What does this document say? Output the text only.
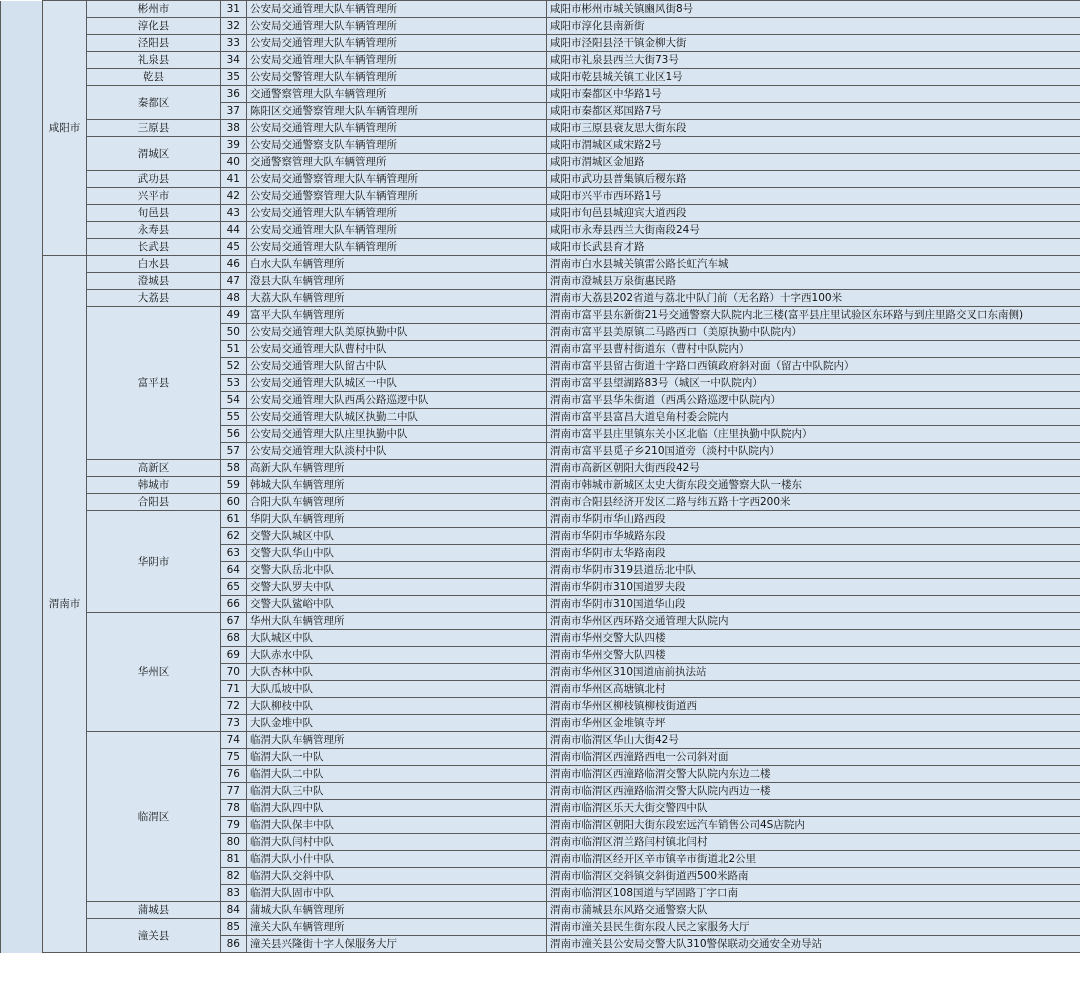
	咸阳市	彬州市	31	公安局交通管理大队车辆管理所	咸阳市彬州市城关镇豳风街8号
		淳化县	32	公安局交通管理大队车辆管理所	咸阳市淳化县南新街
		泾阳县	33	公安局交通管理大队车辆管理所	咸阳市泾阳县泾干镇金柳大街
		礼泉县	34	公安局交通管理大队车辆管理所	咸阳市礼泉县西兰大街73号
		乾县	35	公安局交警管理大队车辆管理所	咸阳市乾县城关镇工业区1号
		秦都区	36	交通警察管理大队车辆管理所	咸阳市秦都区中华路1号
			37	陈阳区交通警察管理大队车辆管理所	咸阳市秦都区郑国路7号
		三原县	38	公安局交通管理大队车辆管理所	咸阳市三原县衰友思大街东段
		渭城区	39	公安局交通警察支队车辆管理所	咸阳市渭城区咸宋路2号
			40	交通警察管理大队车辆管理所	咸阳市渭城区金旭路
		武功县	41	公安局交通警察管理大队车辆管理所	咸阳市武功县普集镇后稷东路
		兴平市	42	公安局交通警察管理大队车辆管理所	咸阳市兴平市西环路1号
		旬邑县	43	公安局交通管理大队车辆管理所	咸阳市旬邑县城迎宾大道西段
		永寿县	44	公安局交通管理大队车辆管理所	咸阳市永寿县西兰大街南段24号
		长武县	45	公安局交通管理大队车辆管理所	咸阳市长武县育才路
	渭南市	白水县	46	白水大队车辆管理所	渭南市白水县城关镇雷公路长虹汽车城
		澄城县	47	澄县大队车辆管理所	渭南市澄城县万泉街惠民路
		大荔县	48	大荔大队车辆管理所	渭南市大荔县202省道与荔北中队门前（无名路）十字西100米
		富平县	49	富平大队车辆管理所	渭南市富平县东新街21号交通警察大队院内北三楼(富平县庄里试验区东环路与到庄里路交叉口东南侧)
			50	公安局交通管理大队美原执勤中队	渭南市富平县美原镇二马路西口（美原执勤中队院内）
			51	公安局交通管理大队曹村中队	渭南市富平县曹村街道东（曹村中队院内）
			52	公安局交通管理大队留古中队	渭南市富平县留古街道十字路口西镇政府斜对面（留古中队院内）
			53	公安局交通管理大队城区一中队	渭南市富平县望湖路83号（城区一中队院内）
			54	公安局交通管理大队西禹公路巡逻中队	渭南市富平县华朱街道（西禹公路巡逻中队院内）
			55	公安局交通管理大队城区执勤二中队	渭南市富平县富昌大道皂角村委会院内
			56	公安局交通管理大队庄里执勤中队	渭南市富平县庄里镇东关小区北临（庄里执勤中队院内）
			57	公安局交通管理大队淡村中队	渭南市富平县觅子乡210国道旁（淡村中队院内）
		高新区	58	高新大队车辆管理所	渭南市高新区朝阳大街西段42号
		韩城市	59	韩城大队车辆管理所	渭南市韩城市新城区太史大街东段交通警察大队一楼东
		合阳县	60	合阳大队车辆管理所	渭南市合阳县经济开发区二路与纬五路十字西200米
		华阴市	61	华阴大队车辆管理所	渭南市华阴市华山路西段
			62	交警大队城区中队	渭南市华阴市华城路东段
			63	交警大队华山中队	渭南市华阴市太华路南段
			64	交警大队岳北中队	渭南市华阴市319县道岳北中队
			65	交警大队罗夫中队	渭南市华阴市310国道罗夫段
			66	交警大队鲨峪中队	渭南市华阴市310国道华山段
		华州区	67	华州大队车辆管理所	渭南市华州区西环路交通管理大队院内
			68	大队城区中队	渭南市华州交警大队四楼
			69	大队赤水中队	渭南市华州交警大队四楼
			70	大队杏林中队	渭南市华州区310国道庙前执法站
			71	大队瓜坡中队	渭南市华州区高塘镇北村
			72	大队柳枝中队	渭南市华州区柳枝镇柳枝街道西
			73	大队金堆中队	渭南市华州区金堆镇寺坪
		临渭区	74	临渭大队车辆管理所	渭南市临渭区华山大街42号
			75	临渭大队一中队	渭南市临渭区西潼路西电一公司斜对面
			76	临渭大队二中队	渭南市临渭区西潼路临渭交警大队院内东边二楼
			77	临渭大队三中队	渭南市临渭区西潼路临渭交警大队院内西边一楼
			78	临渭大队四中队	渭南市临渭区乐天大街交警四中队
			79	临渭大队保丰中队	渭南市临渭区朝阳大街东段宏远汽车销售公司4S店院内
			80	临渭大队闫村中队	渭南市临渭区渭兰路闫村镇北闫村
			81	临渭大队小什中队	渭南市临渭区经开区辛市镇辛市街道北2公里
			82	临渭大队交斜中队	渭南市临渭区交斜镇交斜街道西500米路南
			83	临渭大队固市中队	渭南市临渭区108国道与罕固路丁字口南
		蒲城县	84	蒲城大队车辆管理所	渭南市蒲城县东风路交通警察大队
		潼关县	85	潼关大队车辆管理所	渭南市潼关县民生街东段人民之家服务大厅
			86	潼关县兴隆街十字人保服务大厅	渭南市潼关县公安局交警大队310警保联动交通安全劝导站
